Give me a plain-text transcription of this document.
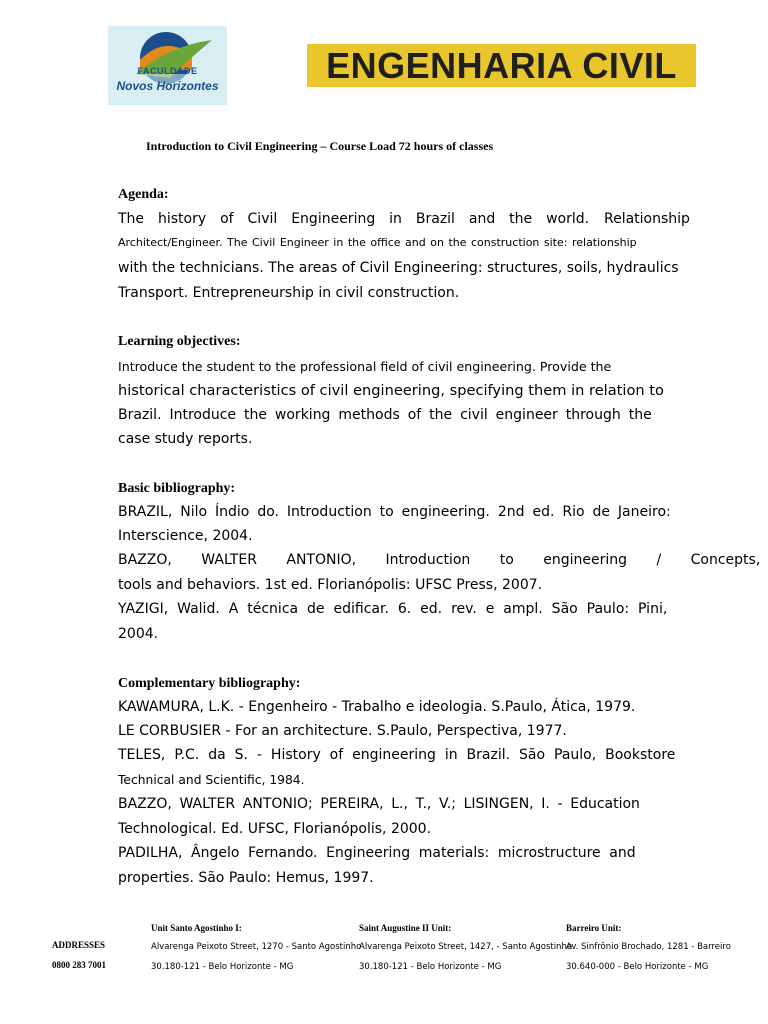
FACULDADE
Novos Horizontes	ENGENHARIA CIVIL
Introduction to Civil Engineering – Course Load 72 hours of classes
Agenda:
The history of Civil Engineering in Brazil and the world. Relationship
Architect/Engineer. The Civil Engineer in the office and on the construction site: relationship
with the technicians. The areas of Civil Engineering: structures, soils, hydraulics
Transport. Entrepreneurship in civil construction.
Learning objectives:
Introduce the student to the professional field of civil engineering. Provide the
historical characteristics of civil engineering, specifying them in relation to
Brazil. Introduce the working methods of the civil engineer through the
case study reports.
Basic bibliography:
BRAZIL, Nilo Índio do. Introduction to engineering. 2nd ed. Rio de Janeiro:
Interscience, 2004.
BAZZO, WALTER ANTONIO, Introduction to engineering / Concepts,
tools and behaviors. 1st ed. Florianópolis: UFSC Press, 2007.
YAZIGI, Walid. A técnica de edificar. 6. ed. rev. e ampl. São Paulo: Pini,
2004.
Complementary bibliography:
KAWAMURA, L.K. - Engenheiro - Trabalho e ideologia. S.Paulo, Ática, 1979.
LE CORBUSIER - For an architecture. S.Paulo, Perspectiva, 1977.
TELES, P.C. da S. - History of engineering in Brazil. São Paulo, Bookstore
Technical and Scientific, 1984.
BAZZO, WALTER ANTONIO; PEREIRA, L., T., V.; LISINGEN, I. - Education
Technological. Ed. UFSC, Florianópolis, 2000.
PADILHA, Ângelo Fernando. Engineering materials: microstructure and
properties. São Paulo: Hemus, 1997.
ADDRESSES
0800 283 7001
Unit Santo Agostinho I:
Alvarenga Peixoto Street, 1270 - Santo Agostinho
30.180-121 - Belo Horizonte - MG
Saint Augustine II Unit:
Alvarenga Peixoto Street, 1427, - Santo Agostinho
30.180-121 - Belo Horizonte - MG
Barreiro Unit:
Av. Sinfrônio Brochado, 1281 - Barreiro
30.640-000 - Belo Horizonte - MG
